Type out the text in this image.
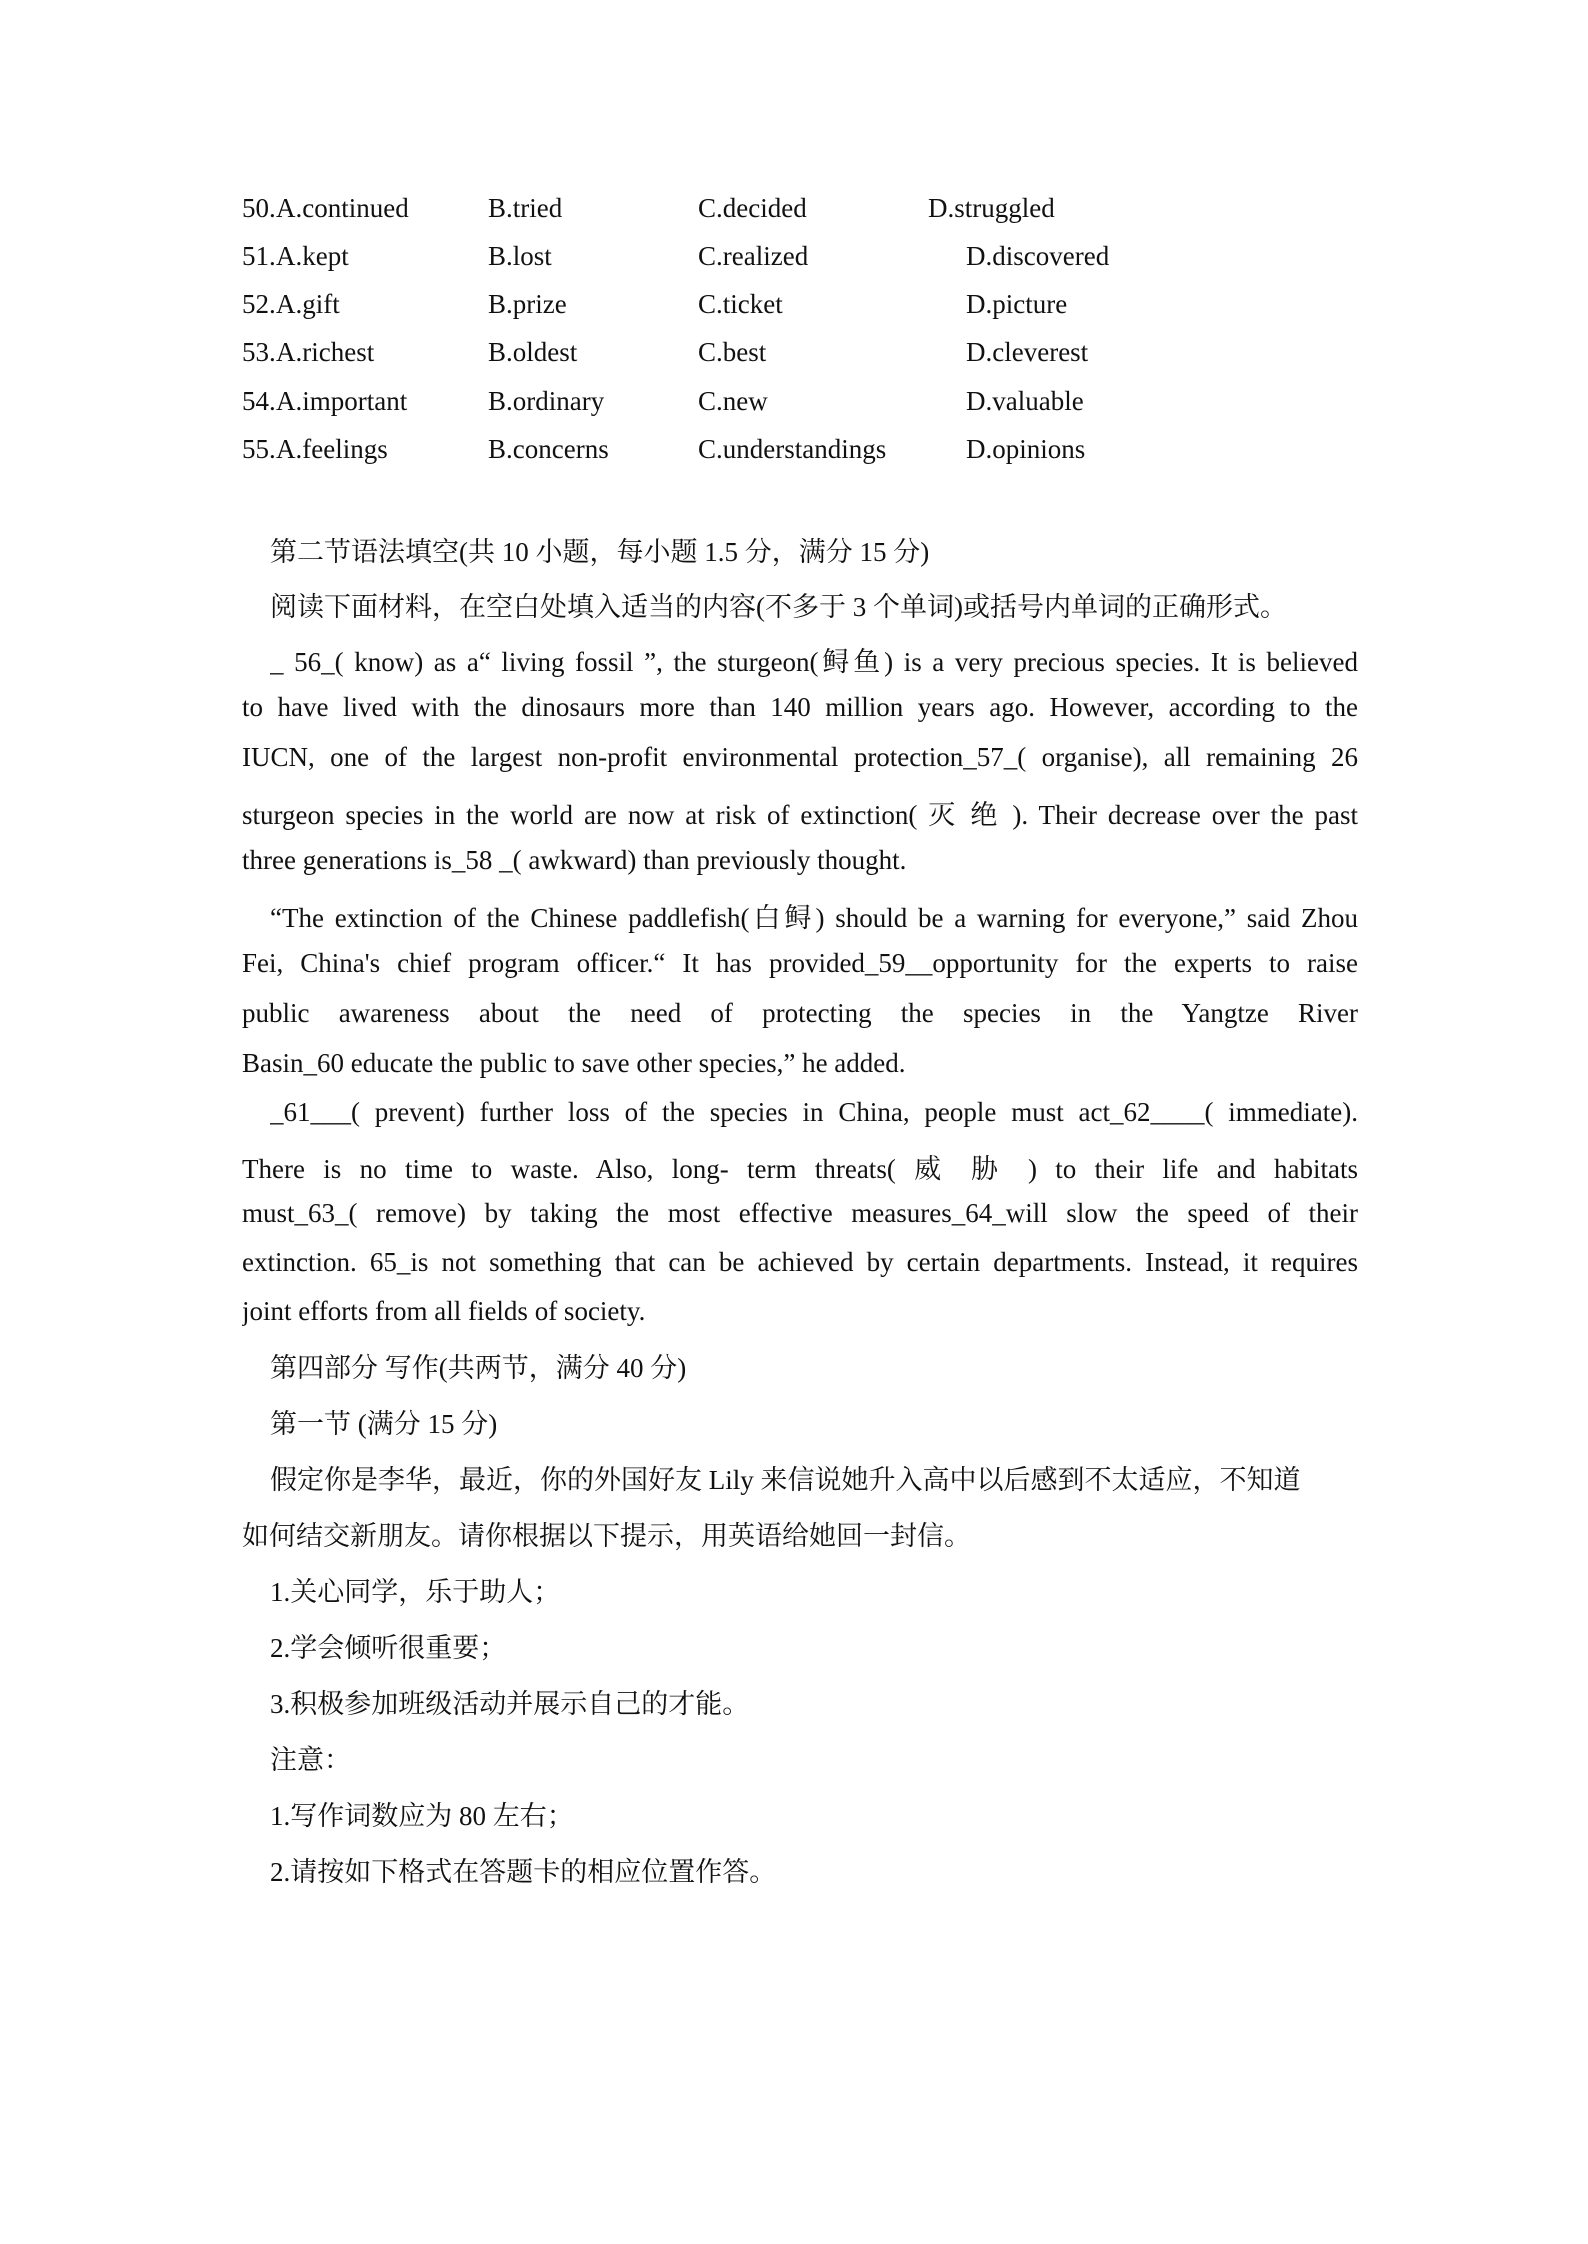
50. A.continued	B.tried	C.decided	D.struggled
51. A.kept	B.lost	C.realized	D.discovered
52. A.gift	B.prize	C.ticket	D.picture
53. A.richest	B.oldest	C.best	D.cleverest
54. A.important	B.ordinary	C.new	D.valuable
55. A.feelings	B.concerns	C.understandings	D.opinions
第二节语法填空(共 10 小题，每小题 1.5 分，满分 15 分)
阅读下面材料，在空白处填入适当的内容(不多于 3 个单词)或括号内单词的正确形式。
_ 56_( know) as a“ living fossil ”, the sturgeon(鲟鱼) is a very precious species. It is believed
to have lived with the dinosaurs more than 140 million years ago. However, according to the
IUCN, one of the largest non-profit environmental protection_57_( organise), all remaining 26
sturgeon species in the world are now at risk of extinction( 灭 绝 ). Their decrease over the past
three generations is_58 _( awkward) than previously thought.
“The extinction of the Chinese paddlefish(白鲟) should be a warning for everyone,” said Zhou
Fei, China's chief program officer.“ It has provided_59__opportunity for the experts to raise
public awareness about the need of protecting the species in the Yangtze River
Basin_60 educate the public to save other species,” he added.
_61___( prevent) further loss of the species in China, people must act_62____( immediate).
There is no time to waste. Also, long- term threats( 威 胁 ) to their life and habitats
must_63_( remove) by taking the most effective measures_64_will slow the speed of their
extinction. 65_is not something that can be achieved by certain departments. Instead, it requires
joint efforts from all fields of society.
第四部分 写作(共两节，满分 40 分)
第一节 (满分 15 分)
假定你是李华，最近，你的外国好友 Lily 来信说她升入高中以后感到不太适应，不知道
如何结交新朋友。请你根据以下提示，用英语给她回一封信。
1.关心同学，乐于助人；
2.学会倾听很重要；
3.积极参加班级活动并展示自己的才能。
注意：
1.写作词数应为 80 左右；
2.请按如下格式在答题卡的相应位置作答。
